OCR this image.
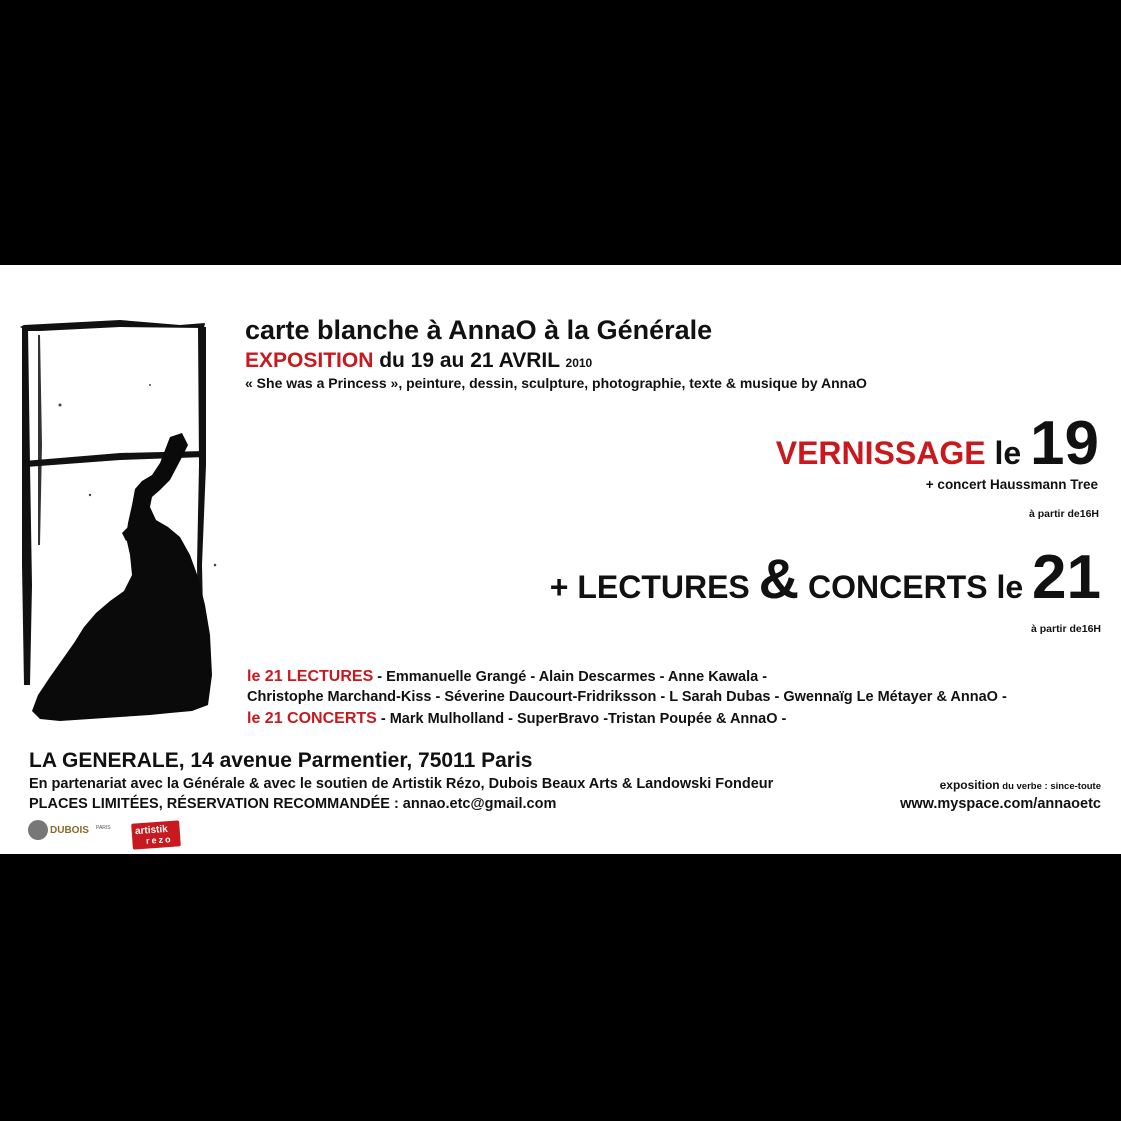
carte blanche à AnnaO à la Générale
EXPOSITION du 19 au 21 AVRIL 2010
« She was a Princess », peinture, dessin, sculpture, photographie, texte & musique by AnnaO
VERNISSAGE le 19
+ concert Haussmann Tree
à partir de16H
+ LECTURES & CONCERTS le 21
à partir de16H
le 21 LECTURES - Emmanuelle Grangé - Alain Descarmes - Anne Kawala -
Christophe Marchand-Kiss - Séverine Daucourt-Fridriksson - L Sarah Dubas - Gwennaïg Le Métayer & AnnaO -
le 21 CONCERTS - Mark Mulholland - SuperBravo -Tristan Poupée & AnnaO -
LA GENERALE, 14 avenue Parmentier, 75011 Paris
En partenariat avec la Générale & avec le soutien de Artistik Rézo, Dubois Beaux Arts & Landowski Fondeur
PLACES LIMITÉES, RÉSERVATION RECOMMANDÉE : annao.etc@gmail.com
exposition du verbe : since-toute
www.myspace.com/annaoetc
DUBOIS PARIS artistik
rezo
